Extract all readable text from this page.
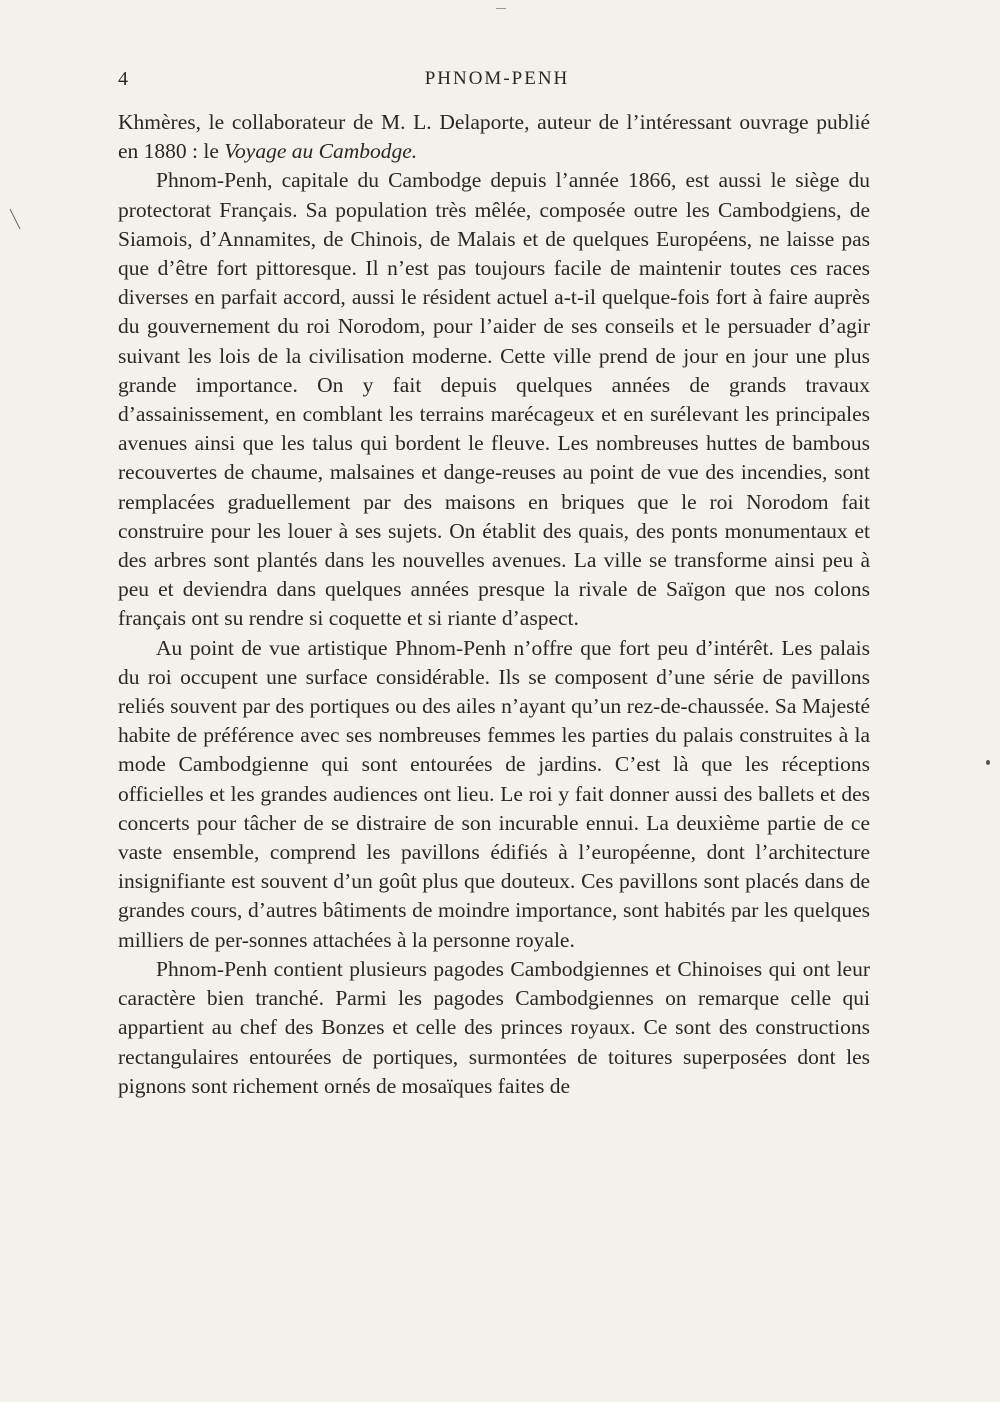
4	PHNOM-PENH

Khmères, le collaborateur de M. L. Delaporte, auteur de l’intéressant ouvrage publié en 1880 : le Voyage au Cambodge.

Phnom-Penh, capitale du Cambodge depuis l’année 1866, est aussi le siège du protectorat Français. Sa population très mêlée, composée outre les Cambodgiens, de Siamois, d’Annamites, de Chinois, de Malais et de quelques Européens, ne laisse pas que d’être fort pittoresque. Il n’est pas toujours facile de maintenir toutes ces races diverses en parfait accord, aussi le résident actuel a-t-il quelque-fois fort à faire auprès du gouvernement du roi Norodom, pour l’aider de ses conseils et le persuader d’agir suivant les lois de la civilisation moderne. Cette ville prend de jour en jour une plus grande importance. On y fait depuis quelques années de grands travaux d’assainissement, en comblant les terrains marécageux et en surélevant les principales avenues ainsi que les talus qui bordent le fleuve. Les nombreuses huttes de bambous recouvertes de chaume, malsaines et dange-reuses au point de vue des incendies, sont remplacées graduellement par des maisons en briques que le roi Norodom fait construire pour les louer à ses sujets. On établit des quais, des ponts monumentaux et des arbres sont plantés dans les nouvelles avenues. La ville se transforme ainsi peu à peu et deviendra dans quelques années presque la rivale de Saïgon que nos colons français ont su rendre si coquette et si riante d’aspect.

Au point de vue artistique Phnom-Penh n’offre que fort peu d’intérêt. Les palais du roi occupent une surface considérable. Ils se composent d’une série de pavillons reliés souvent par des portiques ou des ailes n’ayant qu’un rez-de-chaussée. Sa Majesté habite de préférence avec ses nombreuses femmes les parties du palais construites à la mode Cambodgienne qui sont entourées de jardins. C’est là que les réceptions officielles et les grandes audiences ont lieu. Le roi y fait donner aussi des ballets et des concerts pour tâcher de se distraire de son incurable ennui. La deuxième partie de ce vaste ensemble, comprend les pavillons édifiés à l’européenne, dont l’architecture insignifiante est souvent d’un goût plus que douteux. Ces pavillons sont placés dans de grandes cours, d’autres bâtiments de moindre importance, sont habités par les quelques milliers de per-sonnes attachées à la personne royale.

Phnom-Penh contient plusieurs pagodes Cambodgiennes et Chinoises qui ont leur caractère bien tranché. Parmi les pagodes Cambodgiennes on remarque celle qui appartient au chef des Bonzes et celle des princes royaux. Ce sont des constructions rectangulaires entourées de portiques, surmontées de toitures superposées dont les pignons sont richement ornés de mosaïques faites de
